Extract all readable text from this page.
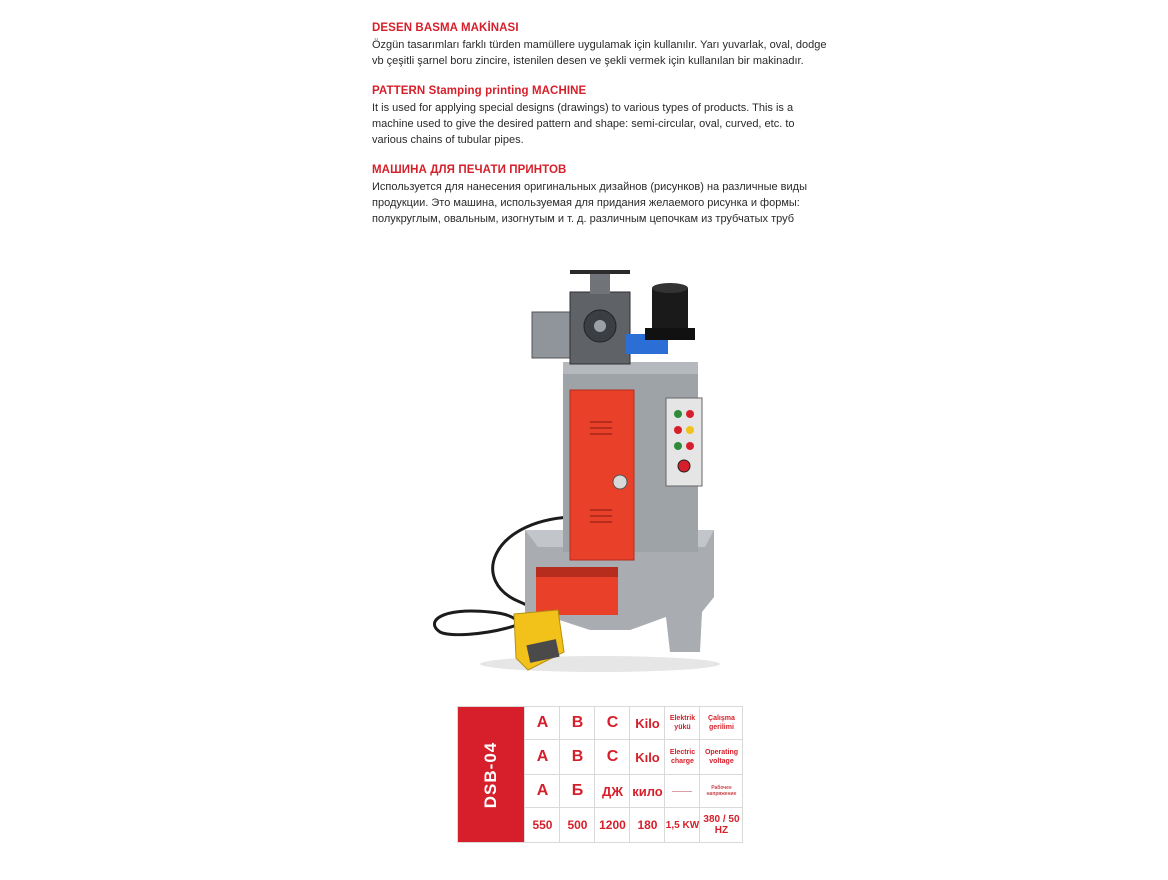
DESEN BASMA MAKİNASI

Özgün tasarımları farklı türden mamüllere uygulamak için kullanılır. Yarı yuvarlak, oval, dodge

vb çeşitli şarnel boru zincire, istenilen desen ve şekli vermek için kullanılan bir makinadır.

PATTERN Stamping printing MACHINE

It is used for applying special designs (drawings) to various types of products. This is a

machine used to give the desired pattern and shape: semi-circular, oval, curved, etc. to

various chains of tubular pipes.

МАШИНА ДЛЯ ПЕЧАТИ ПРИНТОВ

Используется для нанесения оригинальных дизайнов (рисунков) на различные виды

продукции. Это машина, используемая для придания желаемого рисунка и формы:

полукруглым, овальным, изогнутым и т. д. различным цепочкам из трубчатых труб

DSB-04	A	B	C	Kilo	Elektrik yükü	Çalışma gerilimi
	A	B	C	Kılo	Electric charge	Operating voltage
	А	Б	ДЖ	кило		Рабочее напряжение
	550	500	1200	180	1,5 KW	380 / 50 HZ
